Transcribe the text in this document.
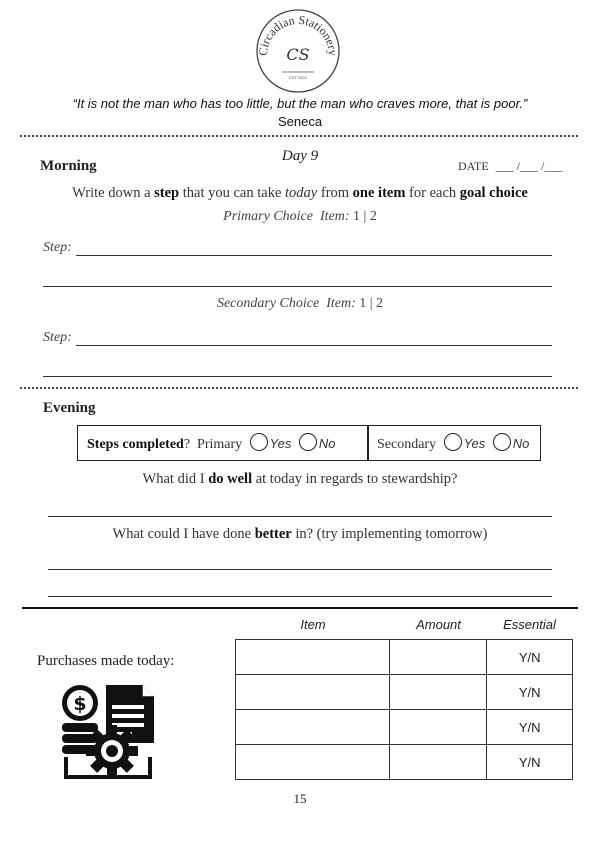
Circadian Stationery
CS
EST 2020
“It is not the man who has too little, but the man who craves more, that is poor.”
Seneca
Morning
Day 9
DATE ___ /___ /___
Write down a step that you can take today from one item for each goal choice
Primary Choice Item: 1 | 2
Step:
Secondary Choice Item: 1 | 2
Step:
Evening
Steps completed? Primary Yes No	Secondary Yes No
What did I do well at today in regards to stewardship?
What could I have done better in? (try implementing tomorrow)
Item	Amount	Essential
Purchases made today:
$
		Y/N
		Y/N
		Y/N
		Y/N
15
